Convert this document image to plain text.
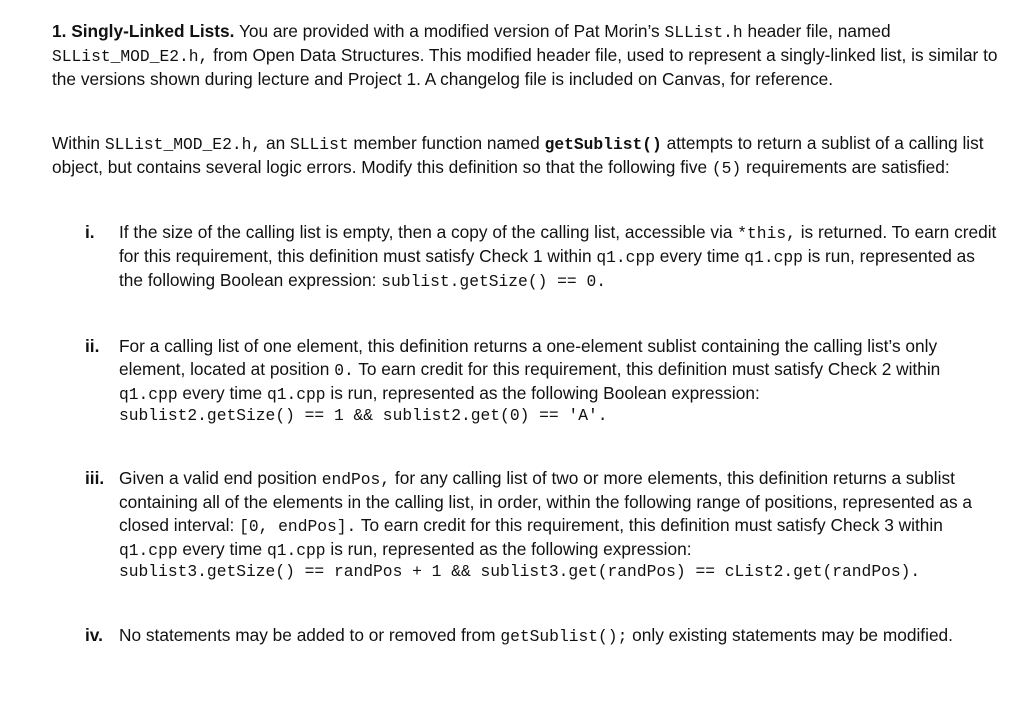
1. Singly-Linked Lists. You are provided with a modified version of Pat Morin’s SLList.h header file, named SLList_MOD_E2.h, from Open Data Structures. This modified header file, used to represent a singly-linked list, is similar to the versions shown during lecture and Project 1. A changelog file is included on Canvas, for reference.

Within SLList_MOD_E2.h, an SLList member function named getSublist() attempts to return a sublist of a calling list object, but contains several logic errors. Modify this definition so that the following five (5) requirements are satisfied:

i. If the size of the calling list is empty, then a copy of the calling list, accessible via *this, is returned. To earn credit for this requirement, this definition must satisfy Check 1 within q1.cpp every time q1.cpp is run, represented as the following Boolean expression: sublist.getSize() == 0.
ii. For a calling list of one element, this definition returns a one-element sublist containing the calling list’s only element, located at position 0. To earn credit for this requirement, this definition must satisfy Check 2 within q1.cpp every time q1.cpp is run, represented as the following Boolean expression:
sublist2.getSize() == 1 && sublist2.get(0) == 'A'.
iii. Given a valid end position endPos, for any calling list of two or more elements, this definition returns a sublist containing all of the elements in the calling list, in order, within the following range of positions, represented as a closed interval: [0, endPos]. To earn credit for this requirement, this definition must satisfy Check 3 within q1.cpp every time q1.cpp is run, represented as the following expression:
sublist3.getSize() == randPos + 1 && sublist3.get(randPos) == cList2.get(randPos).
iv. No statements may be added to or removed from getSublist(); only existing statements may be modified.
